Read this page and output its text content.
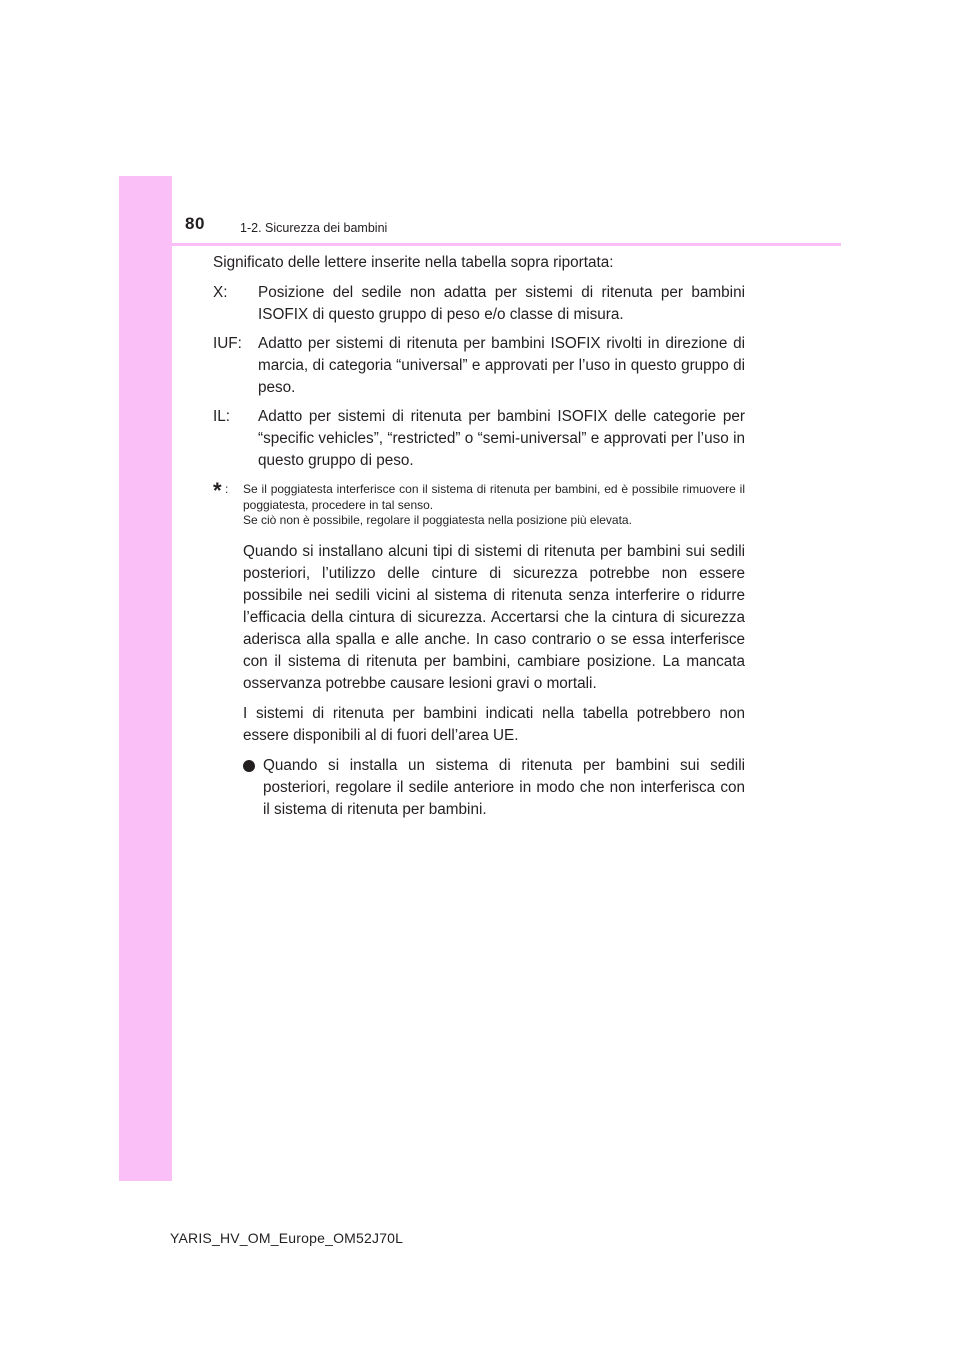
80	1-2. Sicurezza dei bambini

Significato delle lettere inserite nella tabella sopra riportata:

X:	Posizione del sedile non adatta per sistemi di ritenuta per bambini ISOFIX di questo gruppo di peso e/o classe di misura.
IUF:	Adatto per sistemi di ritenuta per bambini ISOFIX rivolti in direzione di marcia, di categoria “universal” e approvati per l’uso in questo gruppo di peso.
IL:	Adatto per sistemi di ritenuta per bambini ISOFIX delle categorie per “specific vehicles”, “restricted” o “semi-universal” e approvati per l’uso in questo gruppo di peso.
* : Se il poggiatesta interferisce con il sistema di ritenuta per bambini, ed è possibile rimuovere il poggiatesta, procedere in tal senso.
Se ciò non è possibile, regolare il poggiatesta nella posizione più elevata.

Quando si installano alcuni tipi di sistemi di ritenuta per bambini sui sedili posteriori, l’utilizzo delle cinture di sicurezza potrebbe non essere possibile nei sedili vicini al sistema di ritenuta senza interferire o ridurre l’efficacia della cintura di sicurezza. Accertarsi che la cintura di sicurezza aderisca alla spalla e alle anche. In caso contrario o se essa interferisce con il sistema di ritenuta per bambini, cambiare posizione. La mancata osservanza potrebbe causare lesioni gravi o mortali.

I sistemi di ritenuta per bambini indicati nella tabella potrebbero non essere disponibili al di fuori dell’area UE.

Quando si installa un sistema di ritenuta per bambini sui sedili posteriori, regolare il sedile anteriore in modo che non interferisca con il sistema di ritenuta per bambini.
YARIS_HV_OM_Europe_OM52J70L
